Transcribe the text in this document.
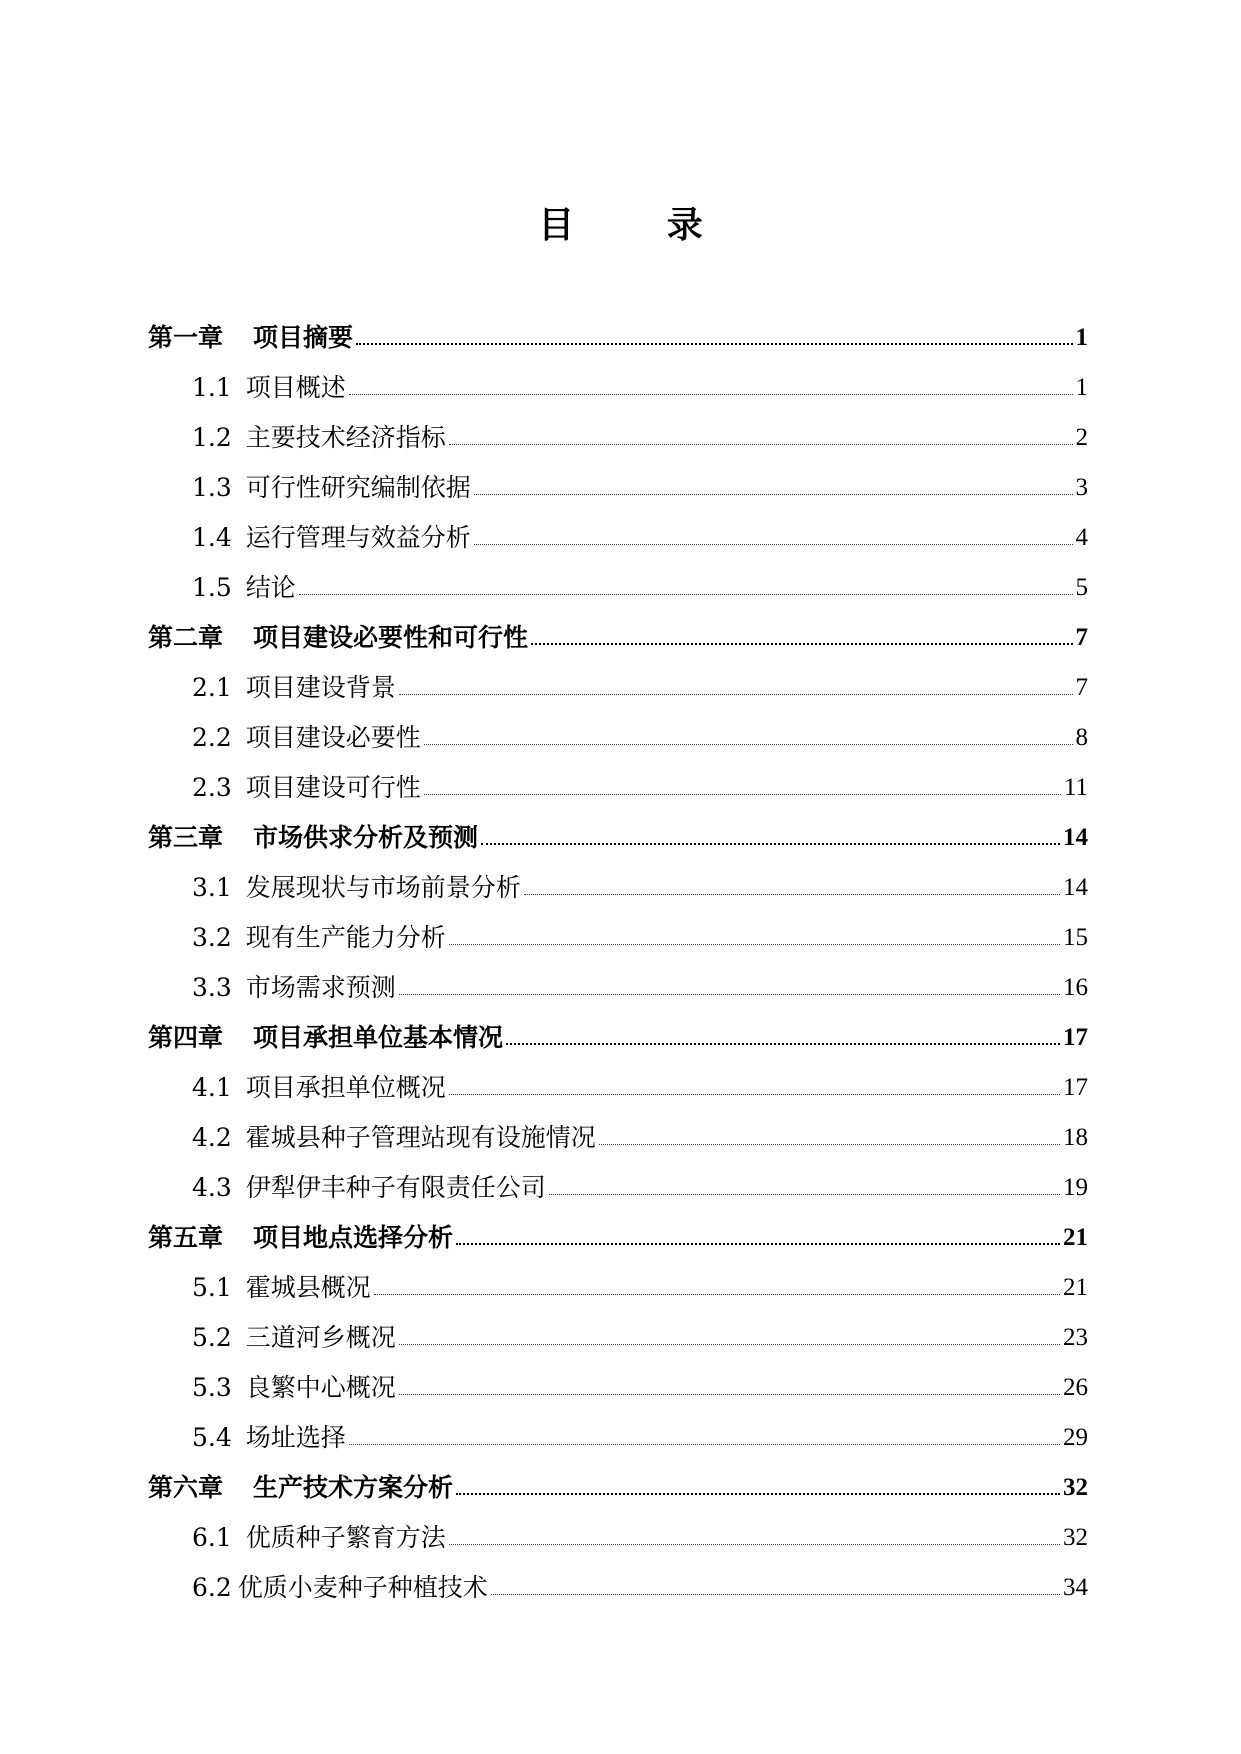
目 录
第一章 项目摘要	1
1.1 项目概述	1
1.2 主要技术经济指标	2
1.3 可行性研究编制依据	3
1.4 运行管理与效益分析	4
1.5 结论	5
第二章 项目建设必要性和可行性	7
2.1 项目建设背景	7
2.2 项目建设必要性	8
2.3 项目建设可行性	11
第三章 市场供求分析及预测	14
3.1 发展现状与市场前景分析	14
3.2 现有生产能力分析	15
3.3 市场需求预测	16
第四章 项目承担单位基本情况	17
4.1 项目承担单位概况	17
4.2 霍城县种子管理站现有设施情况	18
4.3 伊犁伊丰种子有限责任公司	19
第五章 项目地点选择分析	21
5.1 霍城县概况	21
5.2 三道河乡概况	23
5.3 良繁中心概况	26
5.4 场址选择	29
第六章 生产技术方案分析	32
6.1 优质种子繁育方法	32
6.2 优质小麦种子种植技术	34
